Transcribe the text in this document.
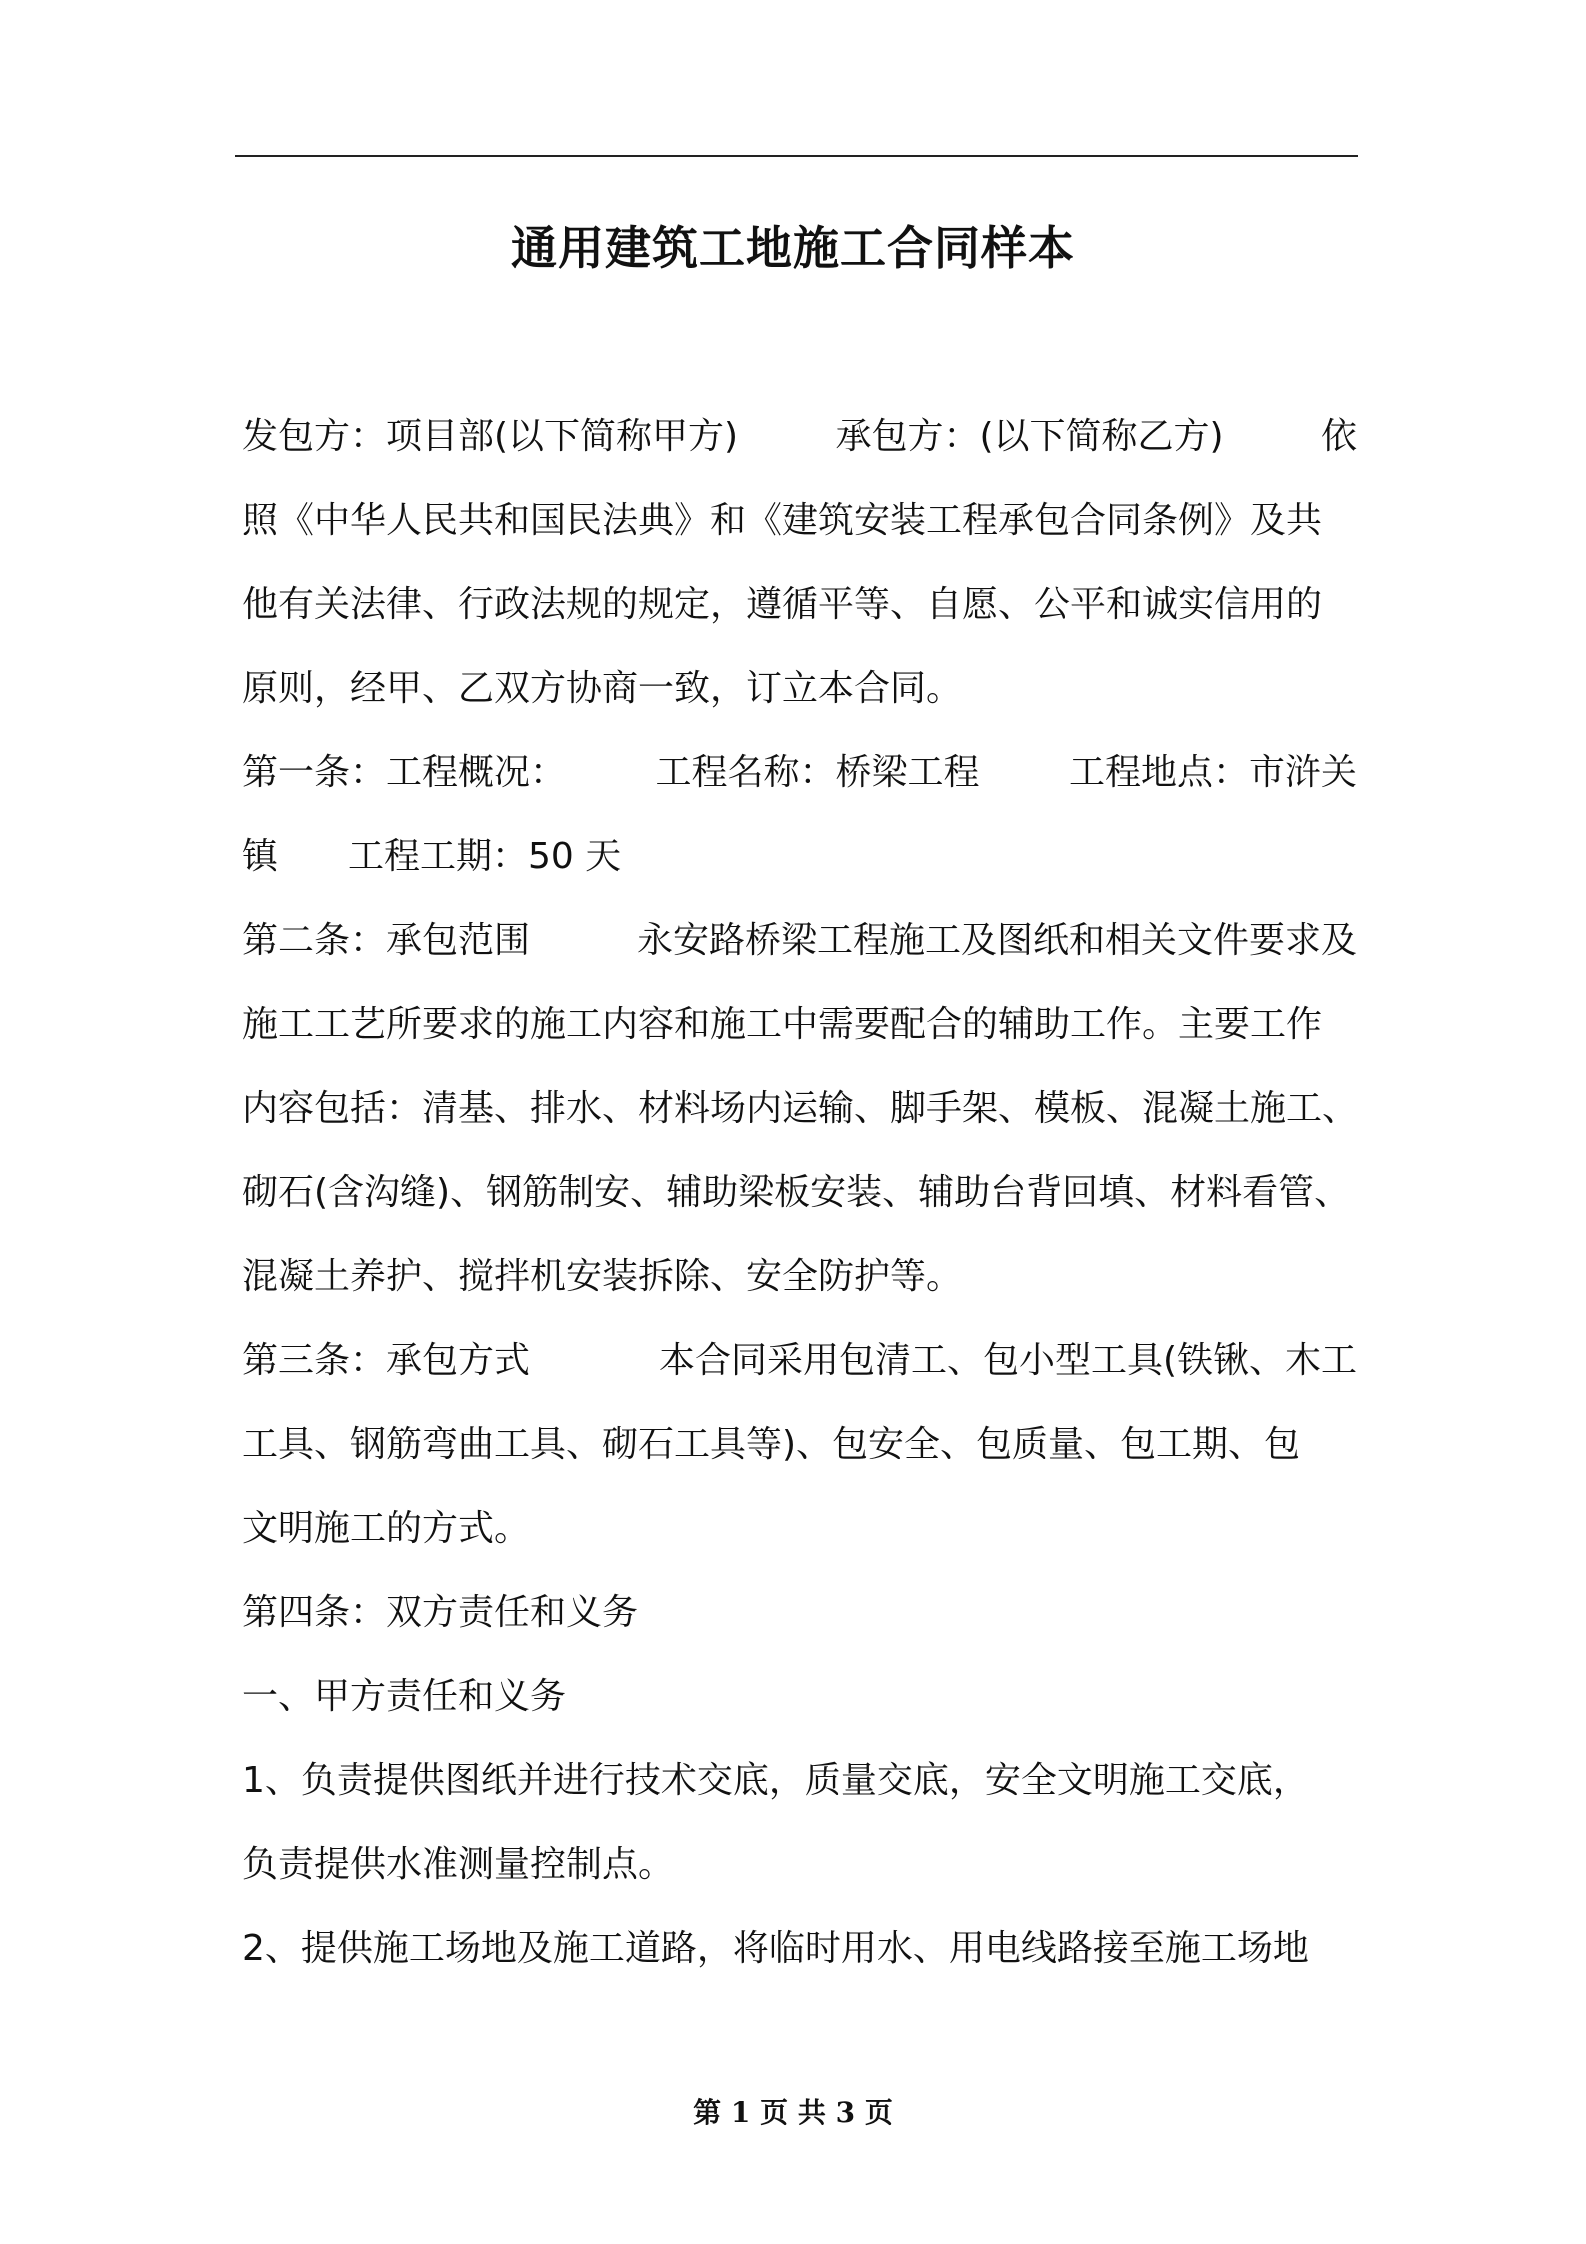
通用建筑工地施工合同样本
发包方：项目部(以下简称甲方)	承包方：(以下简称乙方)	依
照《中华人民共和国民法典》和《建筑安装工程承包合同条例》及共
他有关法律、行政法规的规定，遵循平等、自愿、公平和诚实信用的
原则，经甲、乙双方协商一致，订立本合同。
第一条：工程概况： 工程名称：桥梁工程 工程地点：市浒关
镇 工程工期：50 天
第二条：承包范围	永安路桥梁工程施工及图纸和相关文件要求及
施工工艺所要求的施工内容和施工中需要配合的辅助工作。主要工作
内容包括：清基、排水、材料场内运输、脚手架、模板、混凝土施工、
砌石(含沟缝)、钢筋制安、辅助梁板安装、辅助台背回填、材料看管、
混凝土养护、搅拌机安装拆除、安全防护等。
第三条：承包方式	本合同采用包清工、包小型工具(铁锹、木工
工具、钢筋弯曲工具、砌石工具等)、包安全、包质量、包工期、包
文明施工的方式。
第四条：双方责任和义务
一、甲方责任和义务
1、负责提供图纸并进行技术交底，质量交底，安全文明施工交底，
负责提供水准测量控制点。
2、提供施工场地及施工道路，将临时用水、用电线路接至施工场地
第 1 页 共 3 页
